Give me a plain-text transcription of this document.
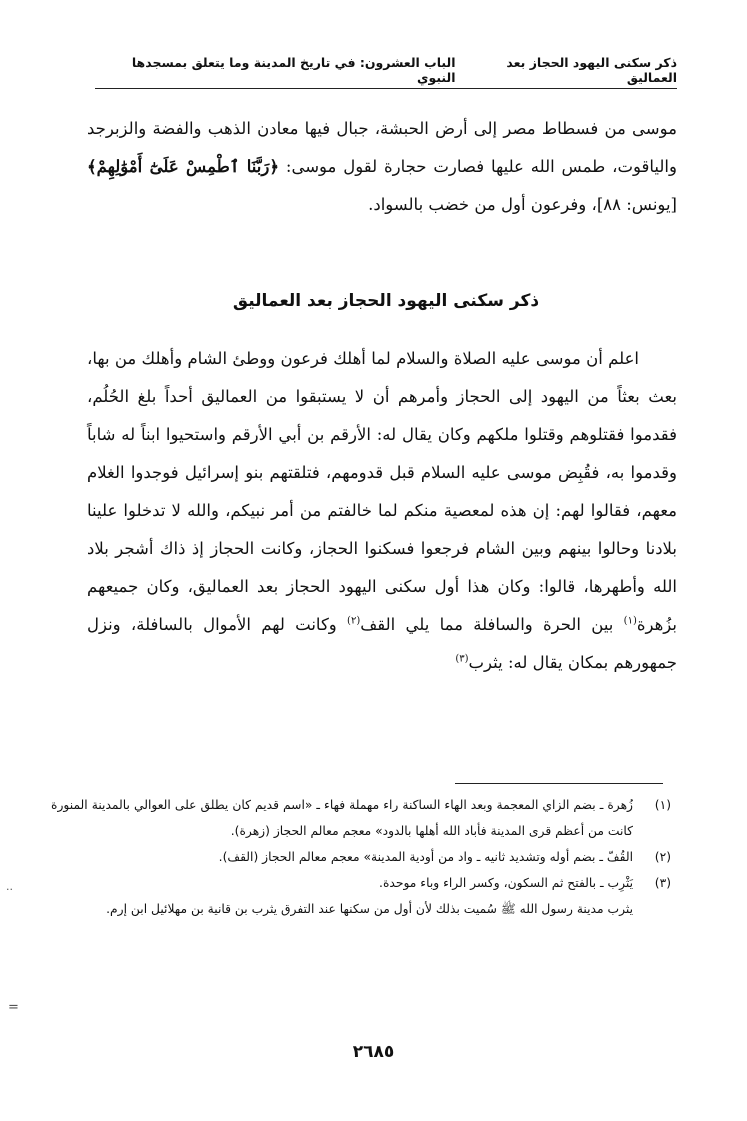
ذكر سكنى اليهود الحجاز بعد العماليق
الباب العشرون: في تاريخ المدينة وما يتعلق بمسجدها النبوي

موسى من فسطاط مصر إلى أرض الحبشة، جبال فيها معادن الذهب والفضة والزبرجد والياقوت، طمس الله عليها فصارت حجارة لقول موسى: ﴿رَبَّنَا ٱطْمِسْ عَلَىٰٓ أَمْوَٰلِهِمْ﴾ [يونس: ٨٨]، وفرعون أول من خضب بالسواد.

ذكر سكنى اليهود الحجاز بعد العماليق

اعلم أن موسى عليه الصلاة والسلام لما أهلك فرعون ووطئ الشام وأهلك من بها، بعث بعثاً من اليهود إلى الحجاز وأمرهم أن لا يستبقوا من العماليق أحداً بلغ الحُلُم، فقدموا فقتلوهم وقتلوا ملكهم وكان يقال له: الأرقم بن أبي الأرقم واستحيوا ابناً له شاباً وقدموا به، فقُبِض موسى عليه السلام قبل قدومهم، فتلقتهم بنو إسرائيل فوجدوا الغلام معهم، فقالوا لهم: إن هذه لمعصية منكم لما خالفتم من أمر نبيكم، والله لا تدخلوا علينا بلادنا وحالوا بينهم وبين الشام فرجعوا فسكنوا الحجاز، وكانت الحجاز إذ ذاك أشجر بلاد الله وأطهرها، قالوا: وكان هذا أول سكنى اليهود الحجاز بعد العماليق، وكان جميعهم بزُهرة$^{(١)}$ بين الحرة والسافلة مما يلي القف$^{(٢)}$ وكانت لهم الأموال بالسافلة، ونزل جمهورهم بمكان يقال له: يثرب$^{(٣)}$

(١)

زُهرة ـ بضم الزاي المعجمة وبعد الهاء الساكنة راء مهملة فهاء ـ «اسم قديم كان يطلق على العوالي بالمدينة المنورة كانت من أعظم قرى المدينة فأباد الله أهلها بالدود» معجم معالم الحجاز (زهرة).

(٢)

القُفّ ـ بضم أوله وتشديد ثانيه ـ واد من أودية المدينة» معجم معالم الحجاز (القف).

(٣)

يَثْرِب ـ بالفتح ثم السكون، وكسر الراء وباء موحدة.

يثرب مدينة رسول الله ﷺ سُميت بذلك لأن أول من سكنها عند التفرق يثرب بن قانية بن مهلائيل ابن إرم.

٢٦٨٥
..
=
